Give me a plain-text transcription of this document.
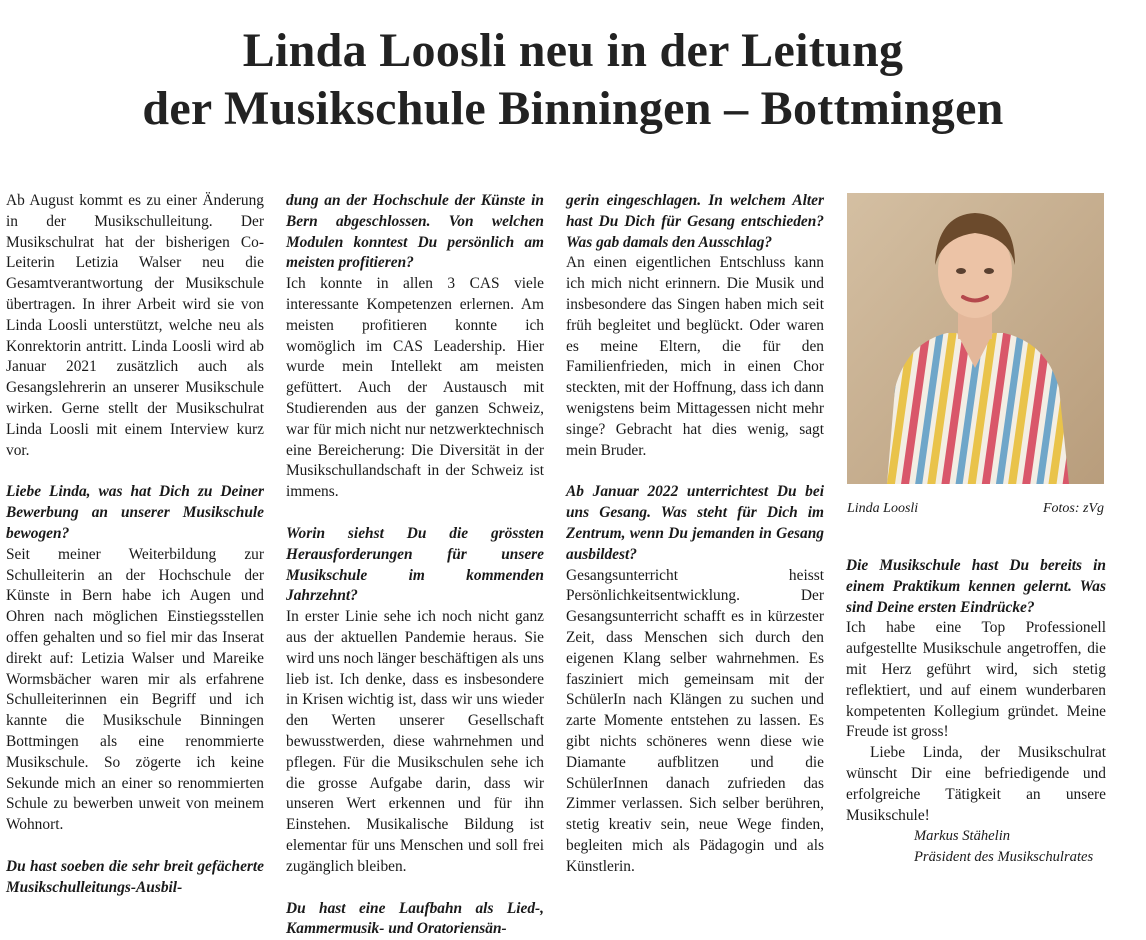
Linda Loosli neu in der Leitung
der Musikschule Binningen – Bottmingen

Ab August kommt es zu einer Änderung in der Musikschulleitung. Der Musikschulrat hat der bisherigen Co-Leiterin Letizia Walser neu die Gesamtverantwortung der Musikschule übertragen. In ihrer Arbeit wird sie von Linda Loosli unterstützt, welche neu als Konrektorin antritt. Linda Loosli wird ab Januar 2021 zusätzlich auch als Gesangslehrerin an unserer Musikschule wirken. Gerne stellt der Musikschulrat Linda Loosli mit einem Interview kurz vor.

Liebe Linda, was hat Dich zu Deiner Bewerbung an unserer Musikschule bewogen?

Seit meiner Weiterbildung zur Schulleiterin an der Hochschule der Künste in Bern habe ich Augen und Ohren nach möglichen Einstiegsstellen offen gehalten und so fiel mir das Inserat direkt auf: Letizia Walser und Mareike Wormsbächer waren mir als erfahrene Schulleiterinnen ein Begriff und ich kannte die Musikschule Binningen Bottmingen als eine renommierte Musikschule. So zögerte ich keine Sekunde mich an einer so renommierten Schule zu bewerben unweit von meinem Wohnort.

Du hast soeben die sehr breit gefächerte Musikschulleitungs-Ausbil-

dung an der Hochschule der Künste in Bern abgeschlossen. Von welchen Modulen konntest Du persönlich am meisten profitieren?

Ich konnte in allen 3 CAS viele interessante Kompetenzen erlernen. Am meisten profitieren konnte ich womöglich im CAS Leadership. Hier wurde mein Intellekt am meisten gefüttert. Auch der Austausch mit Studierenden aus der ganzen Schweiz, war für mich nicht nur netzwerktechnisch eine Bereicherung: Die Diversität in der Musikschullandschaft in der Schweiz ist immens.

Worin siehst Du die grössten Herausforderungen für unsere Musikschule im kommenden Jahrzehnt?

In erster Linie sehe ich noch nicht ganz aus der aktuellen Pandemie heraus. Sie wird uns noch länger beschäftigen als uns lieb ist. Ich denke, dass es insbesondere in Krisen wichtig ist, dass wir uns wieder den Werten unserer Gesellschaft bewusstwerden, diese wahrnehmen und pflegen. Für die Musikschulen sehe ich die grosse Aufgabe darin, dass wir unseren Wert erkennen und für ihn Einstehen. Musikalische Bildung ist elementar für uns Menschen und soll frei zugänglich bleiben.

Du hast eine Laufbahn als Lied-, Kammermusik- und Oratoriensän-

gerin eingeschlagen. In welchem Alter hast Du Dich für Gesang entschieden? Was gab damals den Ausschlag?

An einen eigentlichen Entschluss kann ich mich nicht erinnern. Die Musik und insbesondere das Singen haben mich seit früh begleitet und beglückt. Oder waren es meine Eltern, die für den Familienfrieden, mich in einen Chor steckten, mit der Hoffnung, dass ich dann wenigstens beim Mittagessen nicht mehr singe? Gebracht hat dies wenig, sagt mein Bruder.

Ab Januar 2022 unterrichtest Du bei uns Gesang. Was steht für Dich im Zentrum, wenn Du jemanden in Gesang ausbildest?

Gesangsunterricht heisst Persönlichkeitsentwicklung. Der Gesangsunterricht schafft es in kürzester Zeit, dass Menschen sich durch den eigenen Klang selber wahrnehmen. Es fasziniert mich gemeinsam mit der SchülerIn nach Klängen zu suchen und zarte Momente entstehen zu lassen. Es gibt nichts schöneres wenn diese wie Diamante aufblitzen und die SchülerInnen danach zufrieden das Zimmer verlassen. Sich selber berühren, stetig kreativ sein, neue Wege finden, begleiten mich als Pädagogin und als Künstlerin.

Linda Loosli	Fotos: zVg

Die Musikschule hast Du bereits in einem Praktikum kennen gelernt. Was sind Deine ersten Eindrücke?

Ich habe eine Top Professionell aufgestellte Musikschule angetroffen, die mit Herz geführt wird, sich stetig reflektiert, und auf einem wunderbaren kompetenten Kollegium gründet. Meine Freude ist gross!

Liebe Linda, der Musikschulrat wünscht Dir eine befriedigende und erfolgreiche Tätigkeit an unsere Musikschule!

Markus Stähelin

Präsident des Musikschulrates
